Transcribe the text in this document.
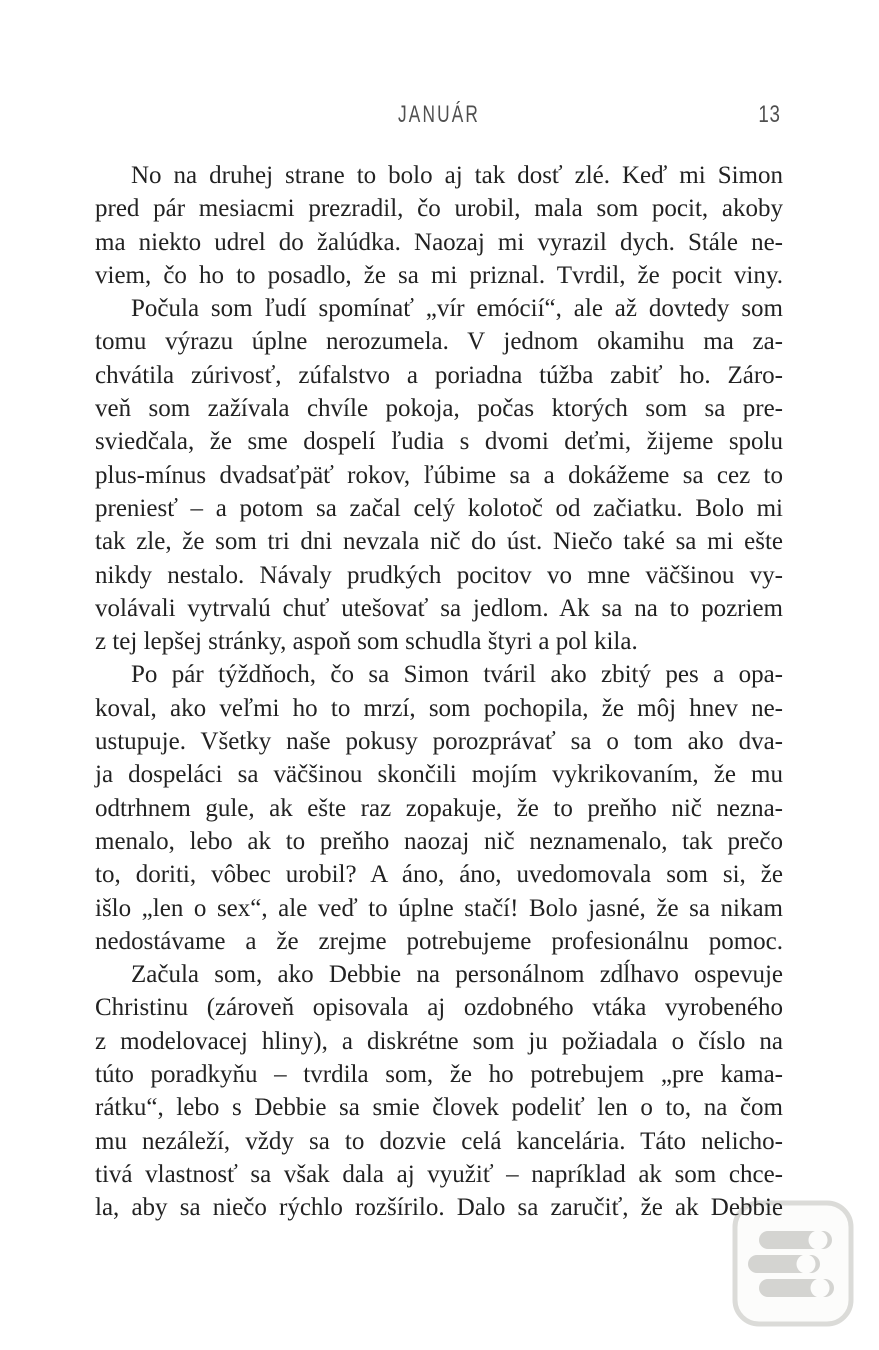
JANUÁR	13
No na druhej strane to bolo aj tak dosť zlé. Keď mi Simon
pred pár mesiacmi prezradil, čo urobil, mala som pocit, akoby
ma niekto udrel do žalúdka. Naozaj mi vyrazil dych. Stále ne-
viem, čo ho to posadlo, že sa mi priznal. Tvrdil, že pocit viny.
Počula som ľudí spomínať „vír emócií“, ale až dovtedy som
tomu výrazu úplne nerozumela. V jednom okamihu ma za-
chvátila zúrivosť, zúfalstvo a poriadna túžba zabiť ho. Záro-
veň som zažívala chvíle pokoja, počas ktorých som sa pre-
sviedčala, že sme dospelí ľudia s dvomi deťmi, žijeme spolu
plus-mínus dvadsaťpäť rokov, ľúbime sa a dokážeme sa cez to
preniesť – a potom sa začal celý kolotoč od začiatku. Bolo mi
tak zle, že som tri dni nevzala nič do úst. Niečo také sa mi ešte
nikdy nestalo. Návaly prudkých pocitov vo mne väčšinou vy-
volávali vytrvalú chuť utešovať sa jedlom. Ak sa na to pozriem
z tej lepšej stránky, aspoň som schudla štyri a pol kila.
Po pár týždňoch, čo sa Simon tváril ako zbitý pes a opa-
koval, ako veľmi ho to mrzí, som pochopila, že môj hnev ne-
ustupuje. Všetky naše pokusy porozprávať sa o tom ako dva-
ja dospeláci sa väčšinou skončili mojím vykrikovaním, že mu
odtrhnem gule, ak ešte raz zopakuje, že to preňho nič nezna-
menalo, lebo ak to preňho naozaj nič neznamenalo, tak prečo
to, doriti, vôbec urobil? A áno, áno, uvedomovala som si, že
išlo „len o sex“, ale veď to úplne stačí! Bolo jasné, že sa nikam
nedostávame a že zrejme potrebujeme profesionálnu pomoc.
Začula som, ako Debbie na personálnom zdĺhavo ospevuje
Christinu (zároveň opisovala aj ozdobného vtáka vyrobeného
z modelovacej hliny), a diskrétne som ju požiadala o číslo na
túto poradkyňu – tvrdila som, že ho potrebujem „pre kama-
rátku“, lebo s Debbie sa smie človek podeliť len o to, na čom
mu nezáleží, vždy sa to dozvie celá kancelária. Táto nelicho-
tivá vlastnosť sa však dala aj využiť – napríklad ak som chce-
la, aby sa niečo rýchlo rozšírilo. Dalo sa zaručiť, že ak Debbie
